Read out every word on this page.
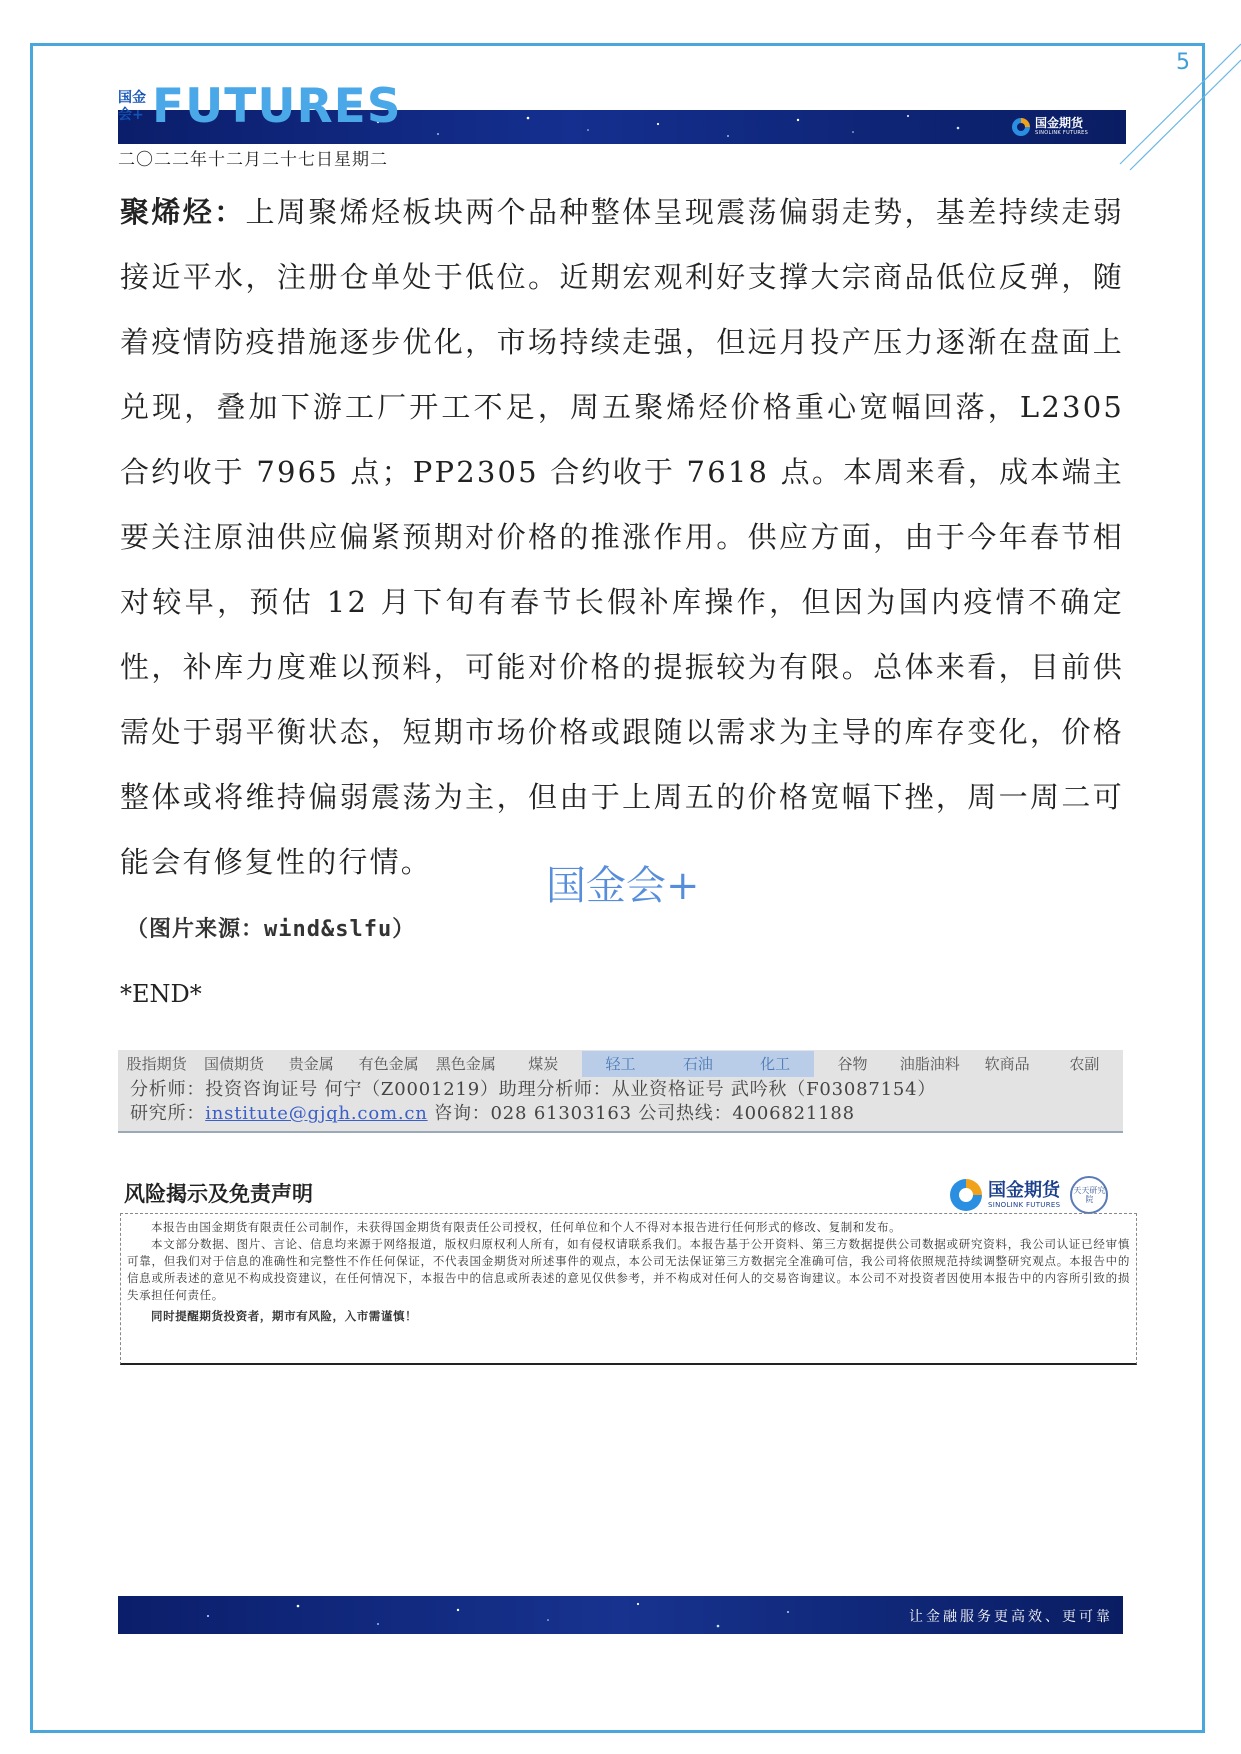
5
国金会+ FUTURES	国金期货
SINOLINK FUTURES
二〇二二年十二月二十七日星期二
聚烯烃：上周聚烯烃板块两个品种整体呈现震荡偏弱走势，基差持续走弱接近平水，注册仓单处于低位。近期宏观利好支撑大宗商品低位反弹，随着疫情防疫措施逐步优化，市场持续走强，但远月投产压力逐渐在盘面上兑现，叠加下游工厂开工不足，周五聚烯烃价格重心宽幅回落，L2305 合约收于 7965 点；PP2305 合约收于 7618 点。本周来看，成本端主要关注原油供应偏紧预期对价格的推涨作用。供应方面，由于今年春节相对较早，预估 12 月下旬有春节长假补库操作，但因为国内疫情不确定性，补库力度难以预料，可能对价格的提振较为有限。总体来看，目前供需处于弱平衡状态，短期市场价格或跟随以需求为主导的库存变化，价格整体或将维持偏弱震荡为主，但由于上周五的价格宽幅下挫，周一周二可能会有修复性的行情。
国金会+
（图片来源：wind&slfu）
*END*
股指期货	国债期货	贵金属	有色金属	黑色金属	煤炭	轻工	石油	化工	谷物	油脂油料	软商品	农副
分析师：投资咨询证号 何宁（Z0001219）助理分析师：从业资格证号 武吟秋（F03087154）
研究所：institute@gjqh.com.cn 咨询：028 61303163 公司热线：4006821188
风险揭示及免责声明	国金期货
SINOLINK FUTURES
天天研究院

本报告由国金期货有限责任公司制作，未获得国金期货有限责任公司授权，任何单位和个人不得对本报告进行任何形式的修改、复制和发布。

本文部分数据、图片、言论、信息均来源于网络报道，版权归原权利人所有，如有侵权请联系我们。本报告基于公开资料、第三方数据提供公司数据或研究资料，我公司认证已经审慎可靠，但我们对于信息的准确性和完整性不作任何保证，不代表国金期货对所述事件的观点，本公司无法保证第三方数据完全准确可信，我公司将依照规范持续调整研究观点。本报告中的信息或所表述的意见不构成投资建议，在任何情况下，本报告中的信息或所表述的意见仅供参考，并不构成对任何人的交易咨询建议。本公司不对投资者因使用本报告中的内容所引致的损失承担任何责任。

同时提醒期货投资者，期市有风险，入市需谨慎！

让金融服务更高效、更可靠
